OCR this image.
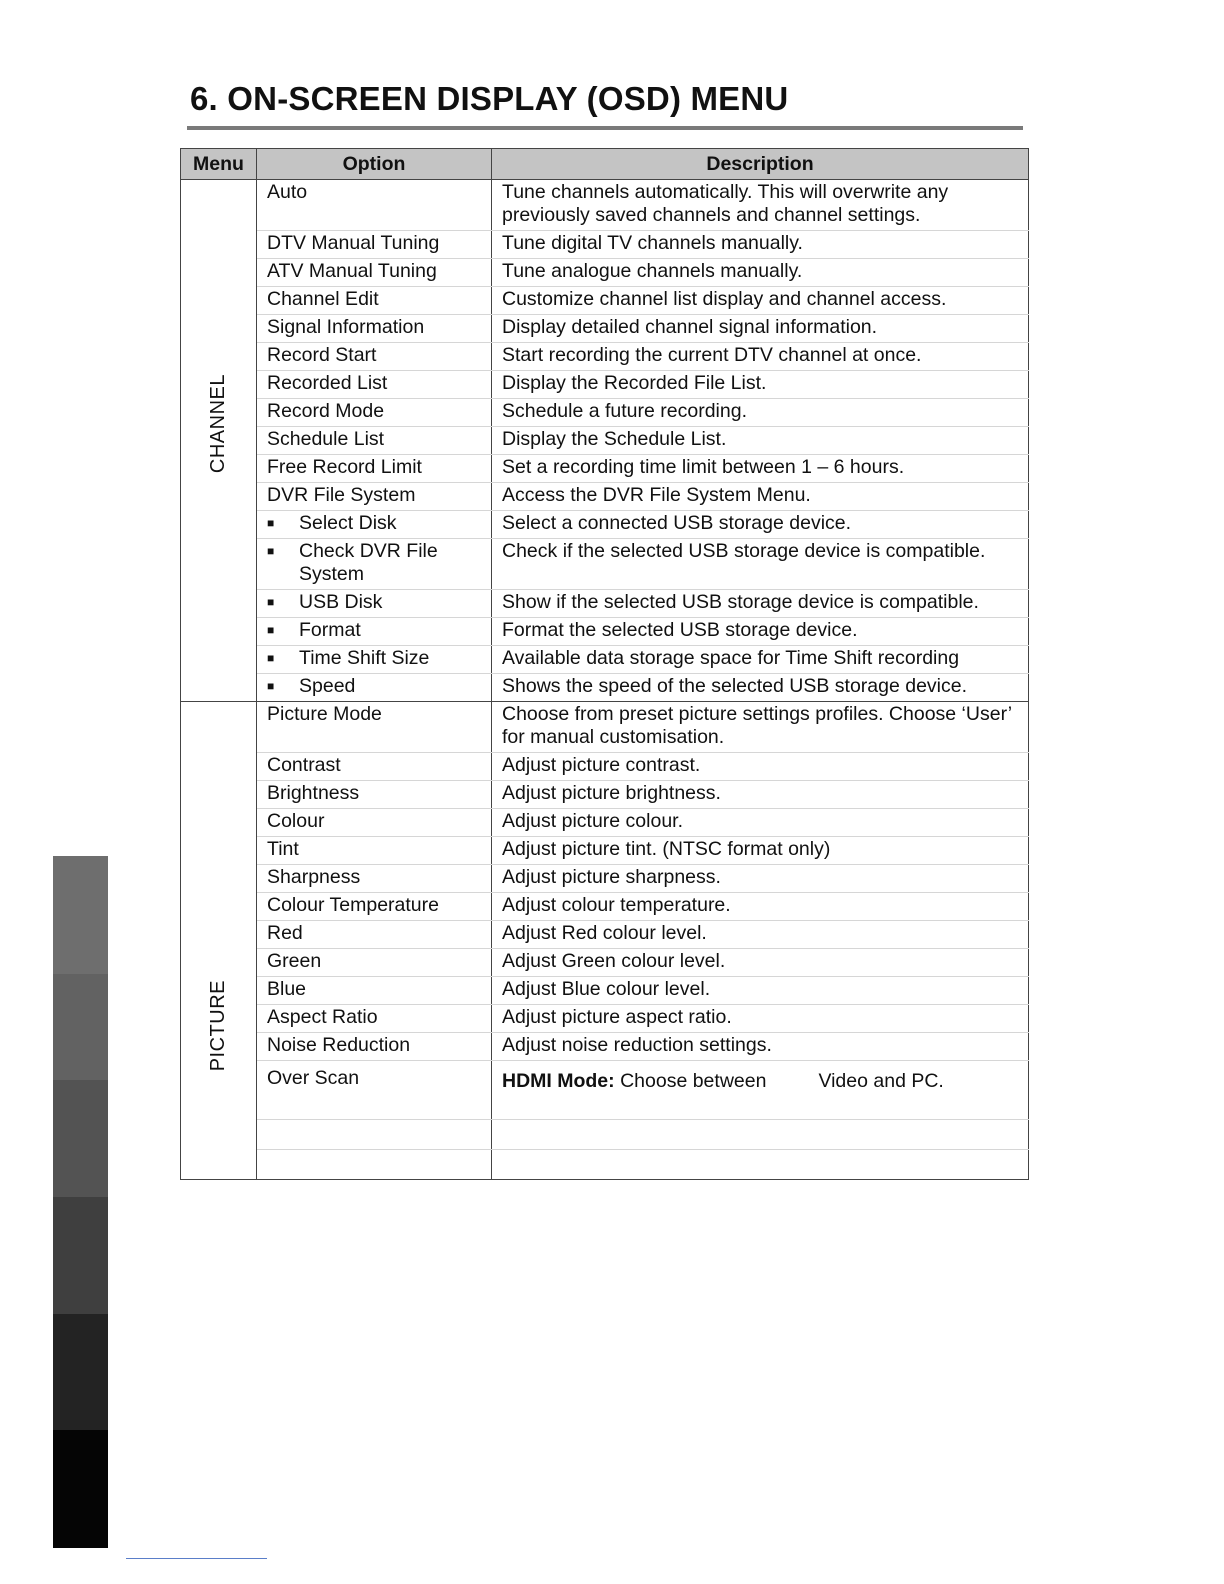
6. ON-SCREEN DISPLAY (OSD) MENU
Menu	Option	Description
CHANNEL	Auto	Tune channels automatically. This will overwrite any previously saved channels and channel settings.
	DTV Manual Tuning	Tune digital TV channels manually.
	ATV Manual Tuning	Tune analogue channels manually.
	Channel Edit	Customize channel list display and channel access.
	Signal Information	Display detailed channel signal information.
	Record Start	Start recording the current DTV channel at once.
	Recorded List	Display the Recorded File List.
	Record Mode	Schedule a future recording.
	Schedule List	Display the Schedule List.
	Free Record Limit	Set a recording time limit between 1 – 6 hours.
	DVR File System	Access the DVR File System Menu.
	■ Select Disk	Select a connected USB storage device.
	■ Check DVR File System	Check if the selected USB storage device is compatible.
	■ USB Disk	Show if the selected USB storage device is compatible.
	■ Format	Format the selected USB storage device.
	■ Time Shift Size	Available data storage space for Time Shift recording
	■ Speed	Shows the speed of the selected USB storage device.
PICTURE	Picture Mode	Choose from preset picture settings profiles. Choose ‘User’ for manual customisation.
	Contrast	Adjust picture contrast.
	Brightness	Adjust picture brightness.
	Colour	Adjust picture colour.
	Tint	Adjust picture tint. (NTSC format only)
	Sharpness	Adjust picture sharpness.
	Colour Temperature	Adjust colour temperature.
	Red	Adjust Red colour level.
	Green	Adjust Green colour level.
	Blue	Adjust Blue colour level.
	Aspect Ratio	Adjust picture aspect ratio.
	Noise Reduction	Adjust noise reduction settings.
	Over Scan	HDMI Mode: Choose between Video and PC.
